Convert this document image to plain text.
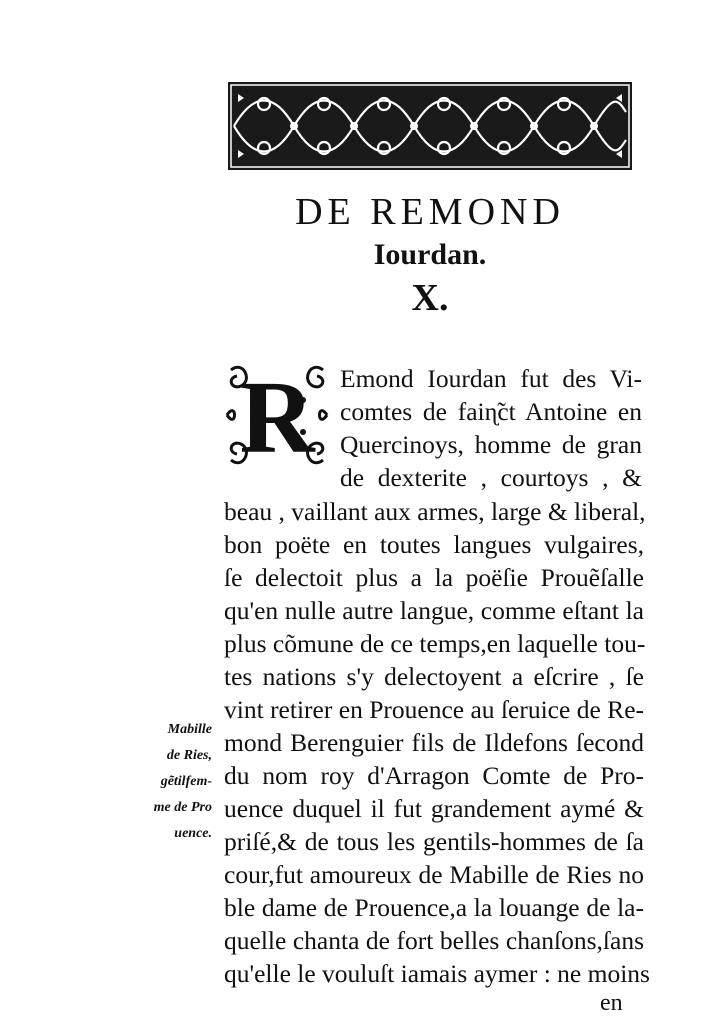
DE REMOND
Iourdan.
X.
R Emond Iourdan fut des Vi-

comtes de faiɳ̃ct Antoine en

Quercinoys, homme de gran

de dexterite , courtoys , &

beau , vaillant aux armes, large & liberal,

bon poëte en toutes langues vulgaires,

ſe delectoit plus a la poëſie Prouẽſalle

qu'en nulle autre langue, comme eſtant la

plus cõmune de ce temps,en laquelle tou-

tes nations s'y delectoyent a eſcrire , ſe

vint retirer en Prouence au ſeruice de Re-

mond Berenguier fils de Ildefons ſecond

du nom roy d'Arragon Comte de Pro-

uence duquel il fut grandement aymé &

priſé,& de tous les gentils-hommes de ſa

cour,fut amoureux de Mabille de Ries no

ble dame de Prouence,a la louange de la-

quelle chanta de fort belles chanſons,ſans

qu'elle le vouluſt iamais aymer : ne moins

en

Mabille

de Ries,

gẽtilfem-

me de Pro

uence.
